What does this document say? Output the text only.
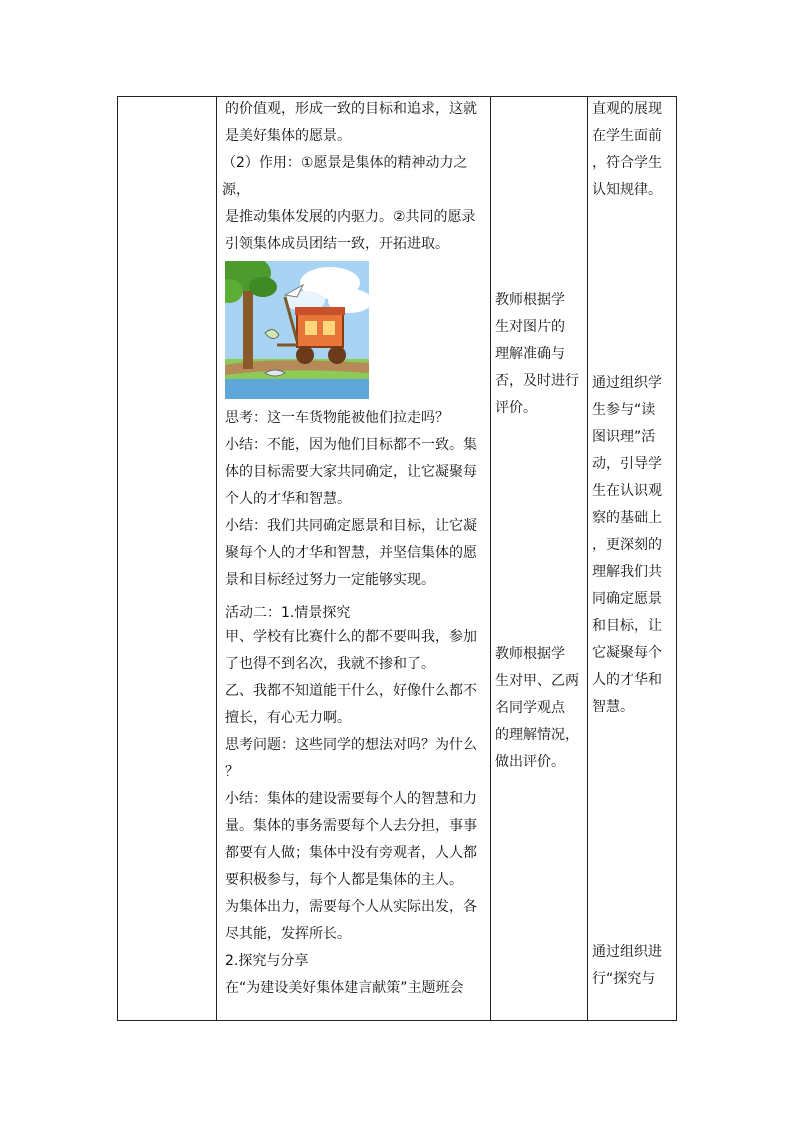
的价值观，形成一致的目标和追求，这就

是美好集体的愿景。

（2）作用：①愿景是集体的精神动力之源，

是推动集体发展的内驱力。②共同的愿录

引领集体成员团结一致，开拓进取。

思考：这一车货物能被他们拉走吗？

小结：不能，因为他们目标都不一致。集

体的目标需要大家共同确定，让它凝聚每

个人的才华和智慧。

小结：我们共同确定愿景和目标，让它凝

聚每个人的才华和智慧，并坚信集体的愿

景和目标经过努力一定能够实现。

活动二：1.情景探究

甲、学校有比赛什么的都不要叫我，参加

了也得不到名次，我就不掺和了。

乙、我都不知道能干什么，好像什么都不

擅长，有心无力啊。

思考问题：这些同学的想法对吗？为什么

？

小结：集体的建设需要每个人的智慧和力

量。集体的事务需要每个人去分担，事事

都要有人做；集体中没有旁观者，人人都

要积极参与，每个人都是集体的主人。

为集体出力，需要每个人从实际出发，各

尽其能，发挥所长。

2.探究与分享

在“为建设美好集体建言献策”主题班会

教师根据学

生对图片的

理解准确与

否，及时进行

评价。

教师根据学

生对甲、乙两

名同学观点

的理解情况，

做出评价。

直观的展现

在学生面前

，符合学生

认知规律。

通过组织学

生参与“读

图识理”活

动，引导学

生在认识观

察的基础上

，更深刻的

理解我们共

同确定愿景

和目标，让

它凝聚每个

人的才华和

智慧。

通过组织进

行“探究与
